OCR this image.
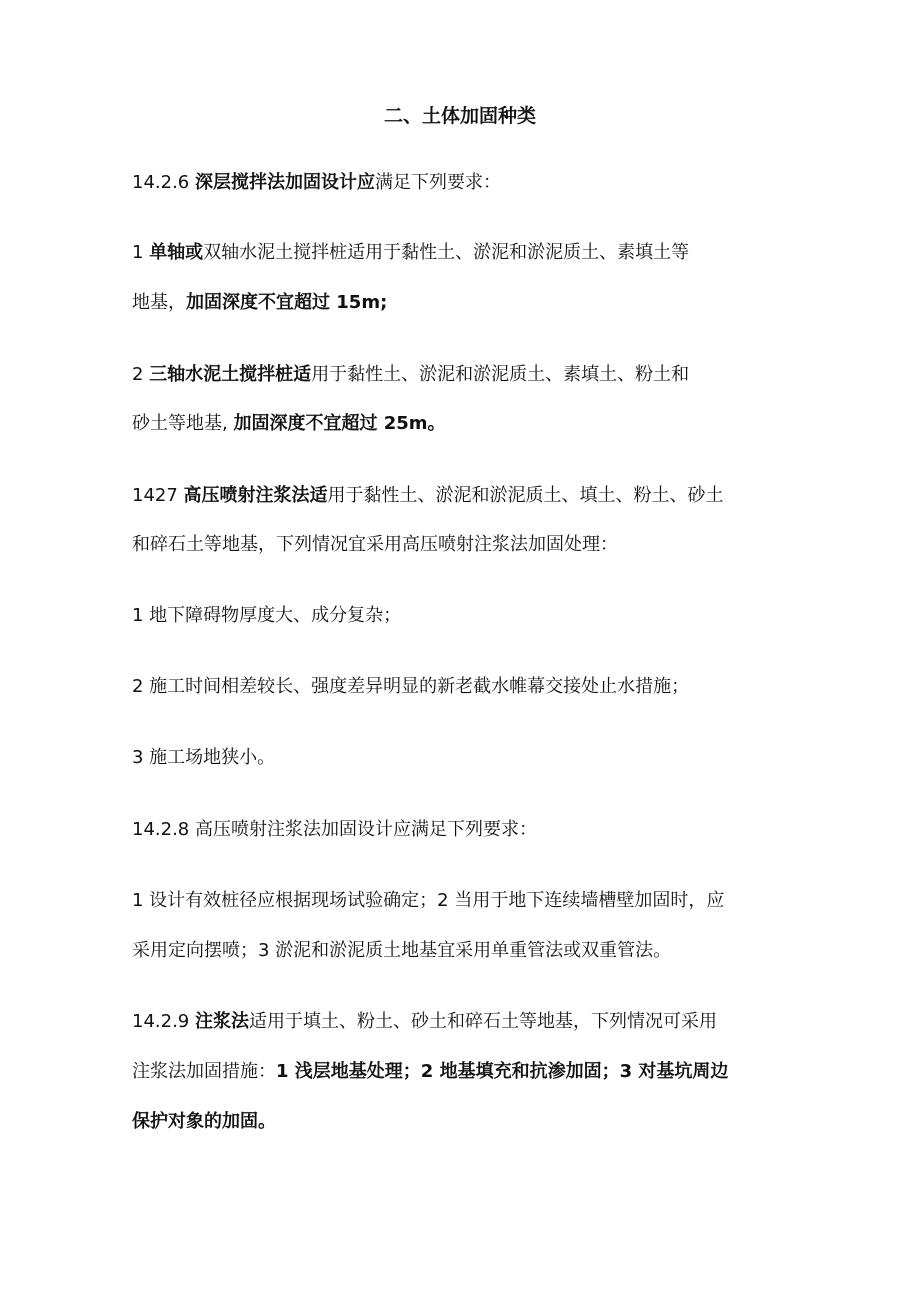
二、土体加固种类
14.2.6 深层搅拌法加固设计应满足下列要求：
1 单轴或双轴水泥土搅拌桩适用于黏性土、淤泥和淤泥质土、素填土等
地基，加固深度不宜超过 15m;
2 三轴水泥土搅拌桩适用于黏性土、淤泥和淤泥质土、素填土、粉土和
砂土等地基, 加固深度不宜超过 25m。
1427 高压喷射注浆法适用于黏性土、淤泥和淤泥质土、填土、粉土、砂土
和碎石土等地基，下列情况宜采用高压喷射注浆法加固处理：
1 地下障碍物厚度大、成分复杂；
2 施工时间相差较长、强度差异明显的新老截水帷幕交接处止水措施；
3 施工场地狭小。
14.2.8 高压喷射注浆法加固设计应满足下列要求：
1 设计有效桩径应根据现场试验确定；2 当用于地下连续墙槽壁加固时，应
采用定向摆喷；3 淤泥和淤泥质土地基宜采用单重管法或双重管法。
14.2.9 注浆法适用于填土、粉土、砂土和碎石土等地基，下列情况可采用
注浆法加固措施：1 浅层地基处理；2 地基填充和抗渗加固；3 对基坑周边
保护对象的加固。
